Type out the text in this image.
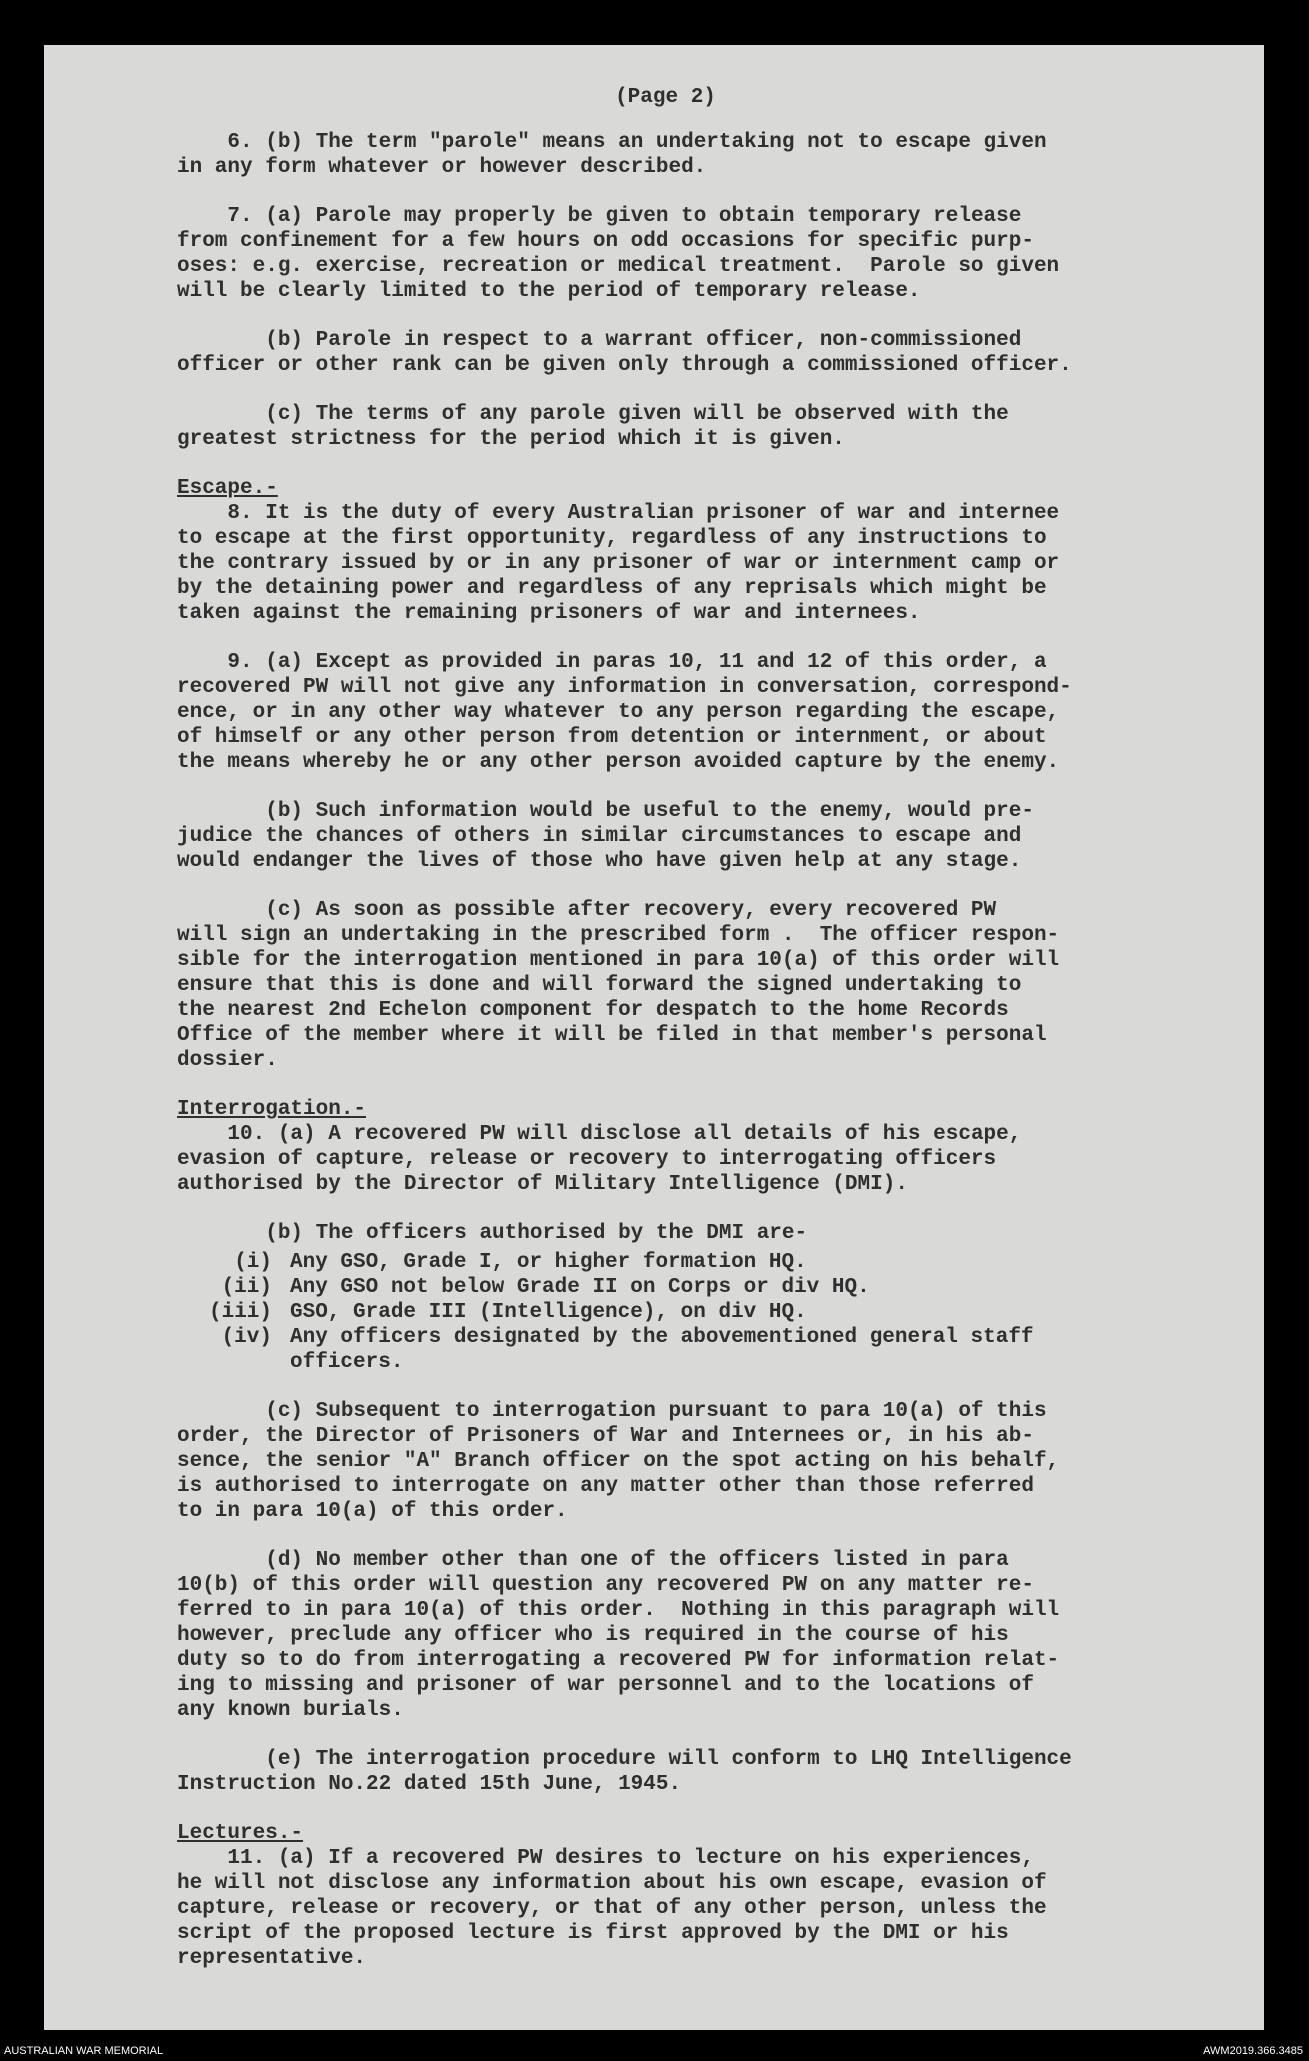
(Page 2)

6. (b) The term "parole" means an undertaking not to escape given
in any form whatever or however described.

7. (a) Parole may properly be given to obtain temporary release
from confinement for a few hours on odd occasions for specific purp-
oses: e.g. exercise, recreation or medical treatment.  Parole so given
will be clearly limited to the period of temporary release.

(b) Parole in respect to a warrant officer, non-commissioned
officer or other rank can be given only through a commissioned officer.

(c) The terms of any parole given will be observed with the
greatest strictness for the period which it is given.

Escape.-

8. It is the duty of every Australian prisoner of war and internee
to escape at the first opportunity, regardless of any instructions to
the contrary issued by or in any prisoner of war or internment camp or
by the detaining power and regardless of any reprisals which might be
taken against the remaining prisoners of war and internees.

9. (a) Except as provided in paras 10, 11 and 12 of this order, a
recovered PW will not give any information in conversation, correspond-
ence, or in any other way whatever to any person regarding the escape,
of himself or any other person from detention or internment, or about
the means whereby he or any other person avoided capture by the enemy.

(b) Such information would be useful to the enemy, would pre-
judice the chances of others in similar circumstances to escape and
would endanger the lives of those who have given help at any stage.

(c) As soon as possible after recovery, every recovered PW
will sign an undertaking in the prescribed form .  The officer respon-
sible for the interrogation mentioned in para 10(a) of this order will
ensure that this is done and will forward the signed undertaking to
the nearest 2nd Echelon component for despatch to the home Records
Office of the member where it will be filed in that member's personal
dossier.

Interrogation.-

10. (a) A recovered PW will disclose all details of his escape,
evasion of capture, release or recovery to interrogating officers
authorised by the Director of Military Intelligence (DMI).

(b) The officers authorised by the DMI are-

(i) Any GSO, Grade I, or higher formation HQ.
(ii) Any GSO not below Grade II on Corps or div HQ.
(iii) GSO, Grade III (Intelligence), on div HQ.
(iv) Any officers designated by the abovementioned general staff
officers.

(c) Subsequent to interrogation pursuant to para 10(a) of this
order, the Director of Prisoners of War and Internees or, in his ab-
sence, the senior "A" Branch officer on the spot acting on his behalf,
is authorised to interrogate on any matter other than those referred
to in para 10(a) of this order.

(d) No member other than one of the officers listed in para
10(b) of this order will question any recovered PW on any matter re-
ferred to in para 10(a) of this order.  Nothing in this paragraph will
however, preclude any officer who is required in the course of his
duty so to do from interrogating a recovered PW for information relat-
ing to missing and prisoner of war personnel and to the locations of
any known burials.

(e) The interrogation procedure will conform to LHQ Intelligence
Instruction No.22 dated 15th June, 1945.

Lectures.-

11. (a) If a recovered PW desires to lecture on his experiences,
he will not disclose any information about his own escape, evasion of
capture, release or recovery, or that of any other person, unless the
script of the proposed lecture is first approved by the DMI or his
representative.

AUSTRALIAN WAR MEMORIAL	AWM2019.366.3485
